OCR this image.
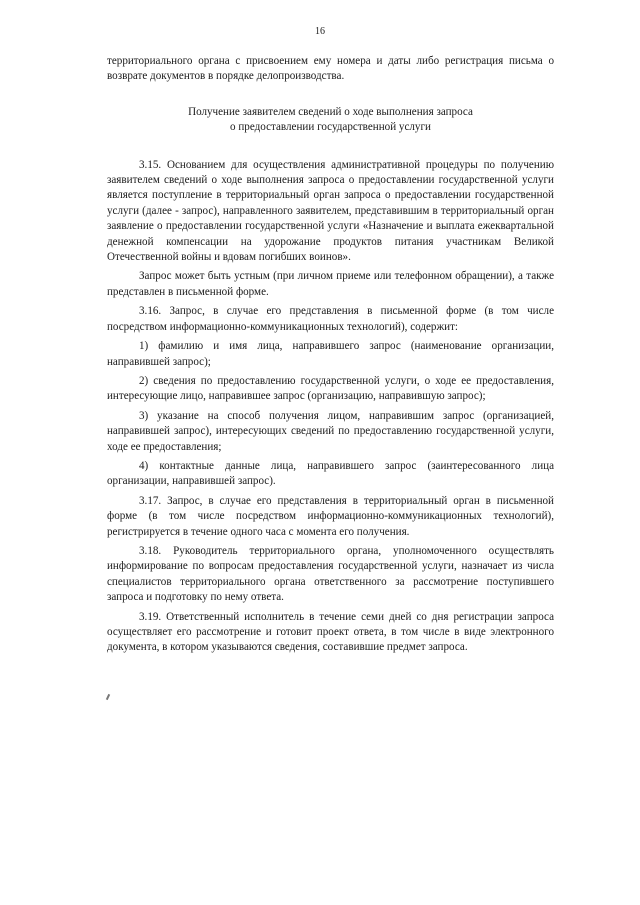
16

территориального органа с присвоением ему номера и даты либо регистрация письма о возврате документов в порядке делопроизводства.

Получение заявителем сведений о ходе выполнения запроса
о предоставлении государственной услуги

3.15. Основанием для осуществления административной процедуры по получению заявителем сведений о ходе выполнения запроса о предоставлении государственной услуги является поступление в территориальный орган запроса о предоставлении государственной услуги (далее - запрос), направленного заявителем, представившим в территориальный орган заявление о предоставлении государственной услуги «Назначение и выплата ежеквартальной денежной компенсации на удорожание продуктов питания участникам Великой Отечественной войны и вдовам погибших воинов».

Запрос может быть устным (при личном приеме или телефонном обращении), а также представлен в письменной форме.

3.16. Запрос, в случае его представления в письменной форме (в том числе посредством информационно-коммуникационных технологий), содержит:

1) фамилию и имя лица, направившего запрос (наименование организации, направившей запрос);

2) сведения по предоставлению государственной услуги, о ходе ее предоставления, интересующие лицо, направившее запрос (организацию, направившую запрос);

3) указание на способ получения лицом, направившим запрос (организацией, направившей запрос), интересующих сведений по предоставлению государственной услуги, ходе ее предоставления;

4) контактные данные лица, направившего запрос (заинтересованного лица организации, направившей запрос).

3.17. Запрос, в случае его представления в территориальный орган в письменной форме (в том числе посредством информационно-коммуникационных технологий), регистрируется в течение одного часа с момента его получения.

3.18. Руководитель территориального органа, уполномоченного осуществлять информирование по вопросам предоставления государственной услуги, назначает из числа специалистов территориального органа ответственного за рассмотрение поступившего запроса и подготовку по нему ответа.

3.19. Ответственный исполнитель в течение семи дней со дня регистрации запроса осуществляет его рассмотрение и готовит проект ответа, в том числе в виде электронного документа, в котором указываются сведения, составившие предмет запроса.
